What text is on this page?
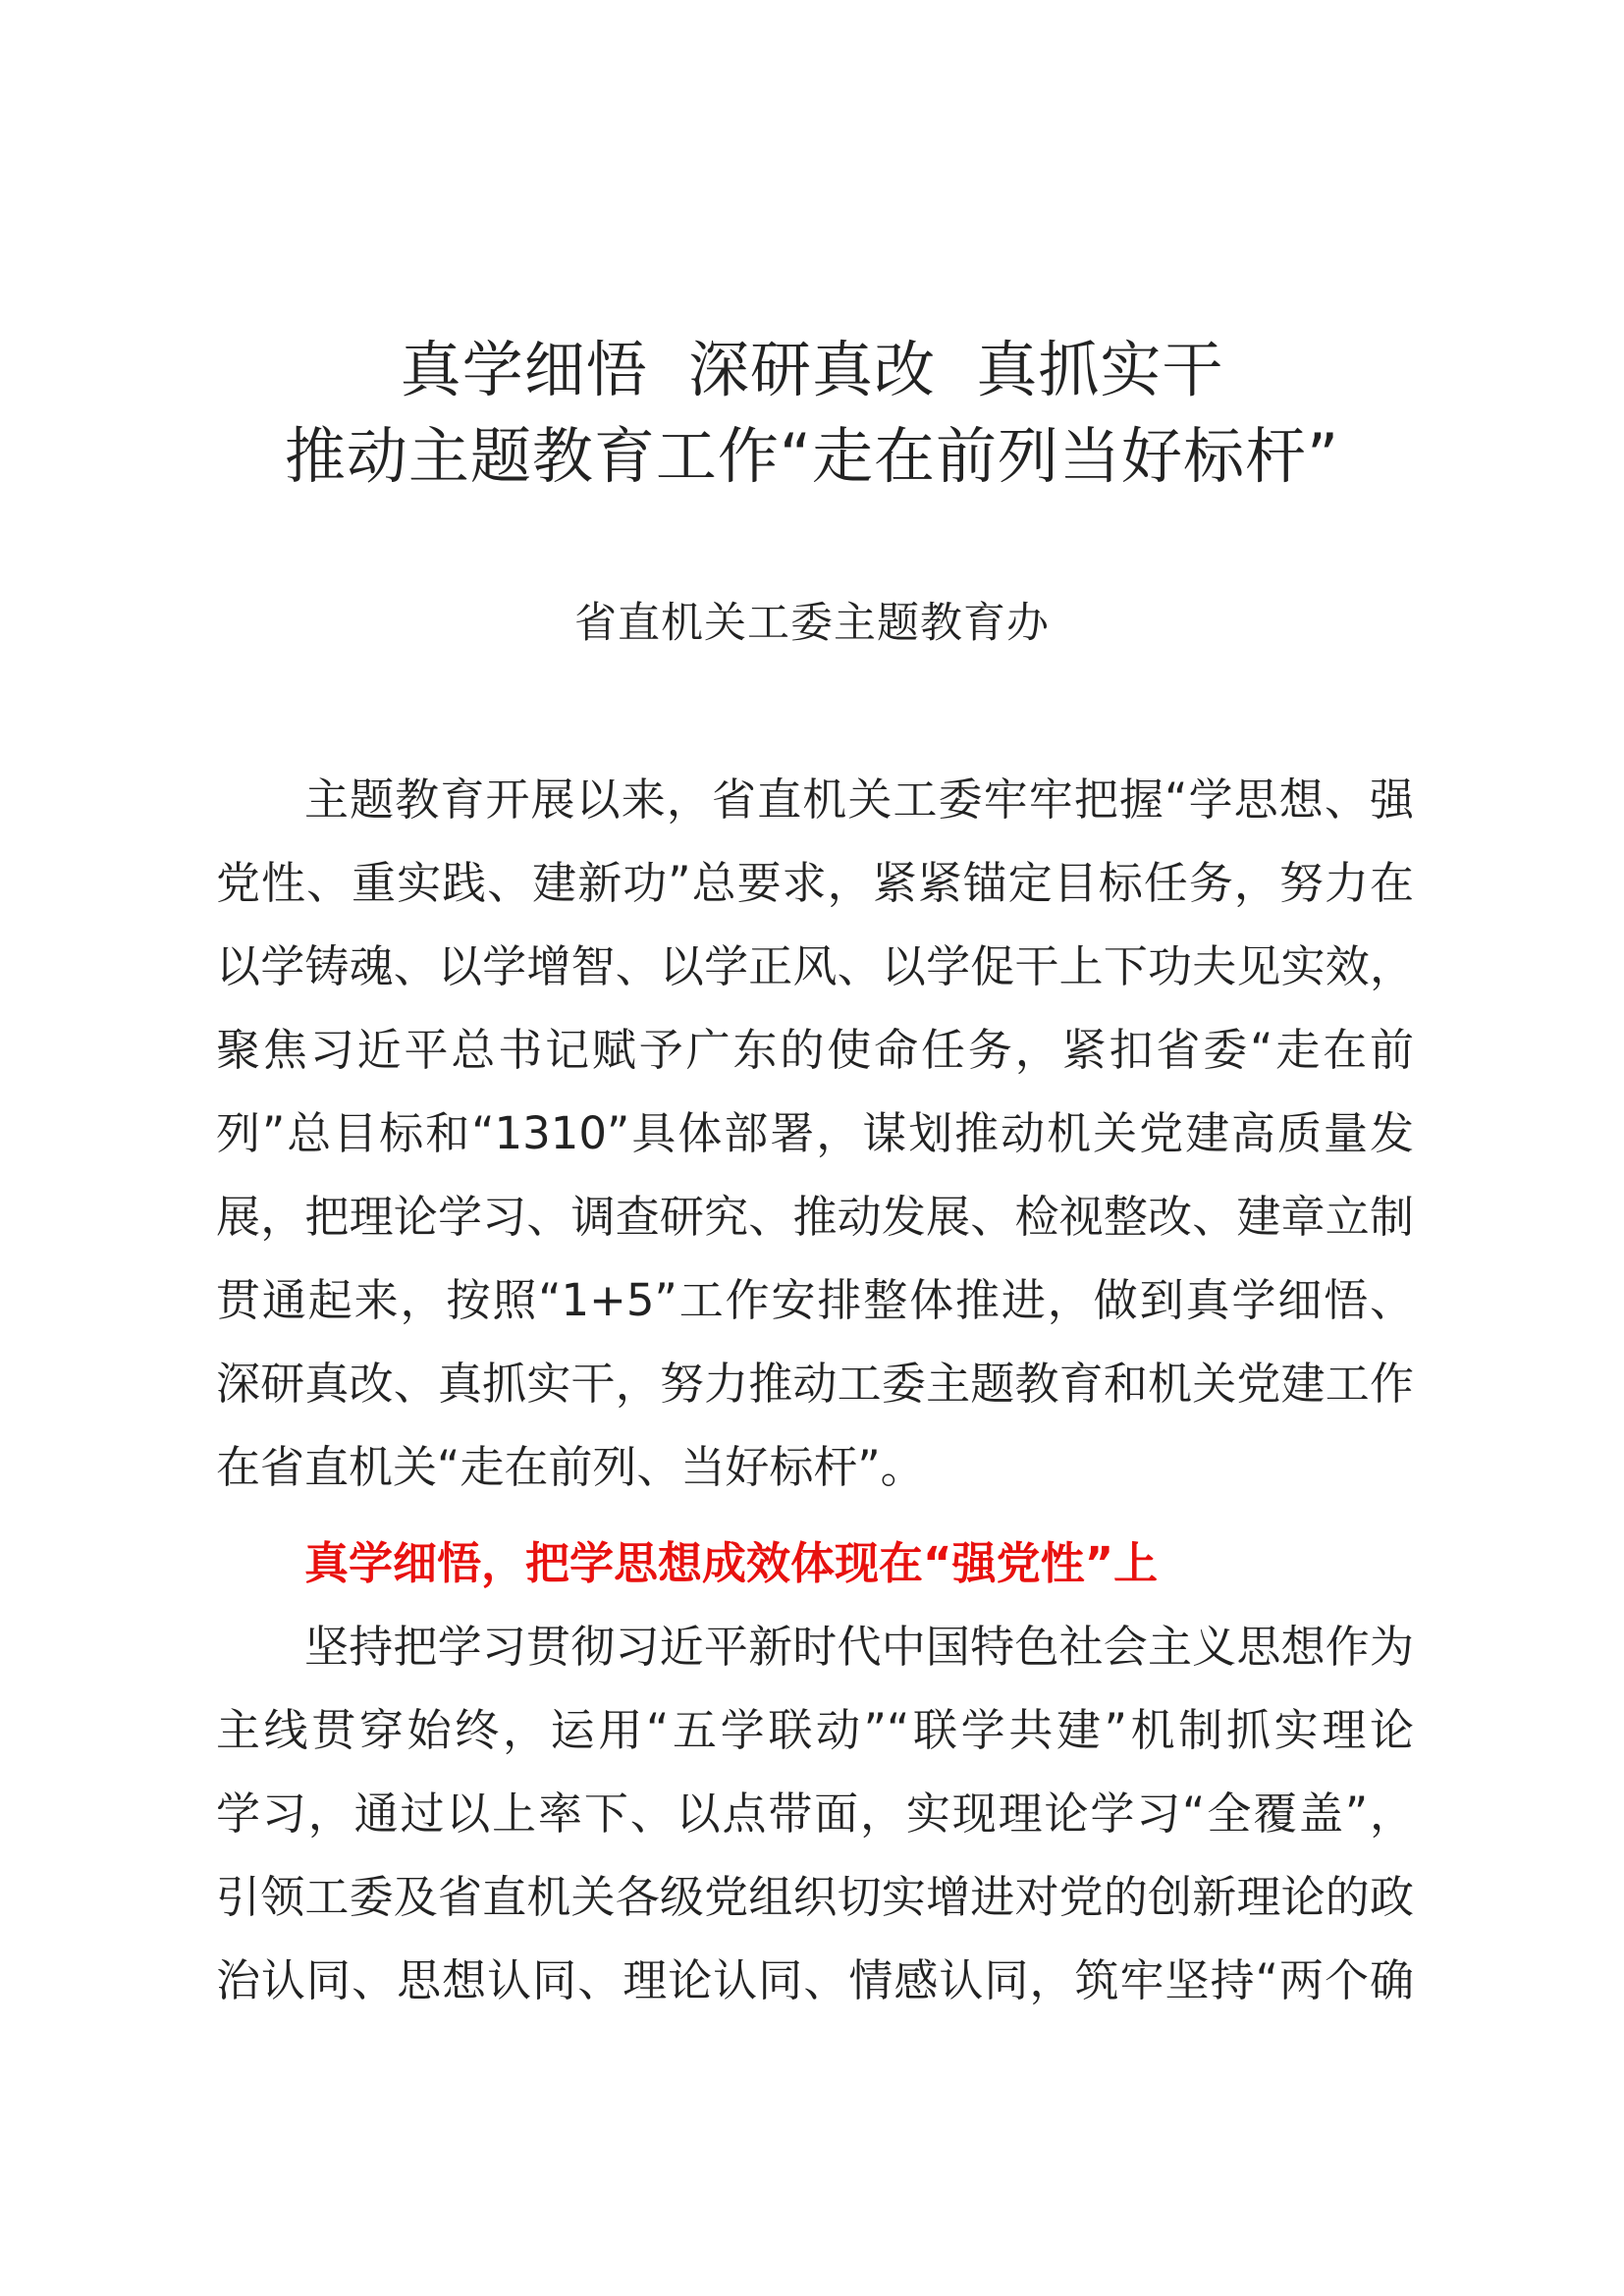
真学细悟  深研真改  真抓实干
推动主题教育工作“走在前列当好标杆”
省直机关工委主题教育办
主题教育开展以来，省直机关工委牢牢把握“学思想、强
党性、重实践、建新功”总要求，紧紧锚定目标任务，努力在
以学铸魂、以学增智、以学正风、以学促干上下功夫见实效，
聚焦习近平总书记赋予广东的使命任务，紧扣省委“走在前
列”总目标和“1310”具体部署，谋划推动机关党建高质量发
展，把理论学习、调查研究、推动发展、检视整改、建章立制
贯通起来，按照“1+5”工作安排整体推进，做到真学细悟、
深研真改、真抓实干，努力推动工委主题教育和机关党建工作
在省直机关“走在前列、当好标杆”。
真学细悟，把学思想成效体现在“强党性”上
坚持把学习贯彻习近平新时代中国特色社会主义思想作为
主线贯穿始终，运用“五学联动”“联学共建”机制抓实理论
学习，通过以上率下、以点带面，实现理论学习“全覆盖”，
引领工委及省直机关各级党组织切实增进对党的创新理论的政
治认同、思想认同、理论认同、情感认同，筑牢坚持“两个确
